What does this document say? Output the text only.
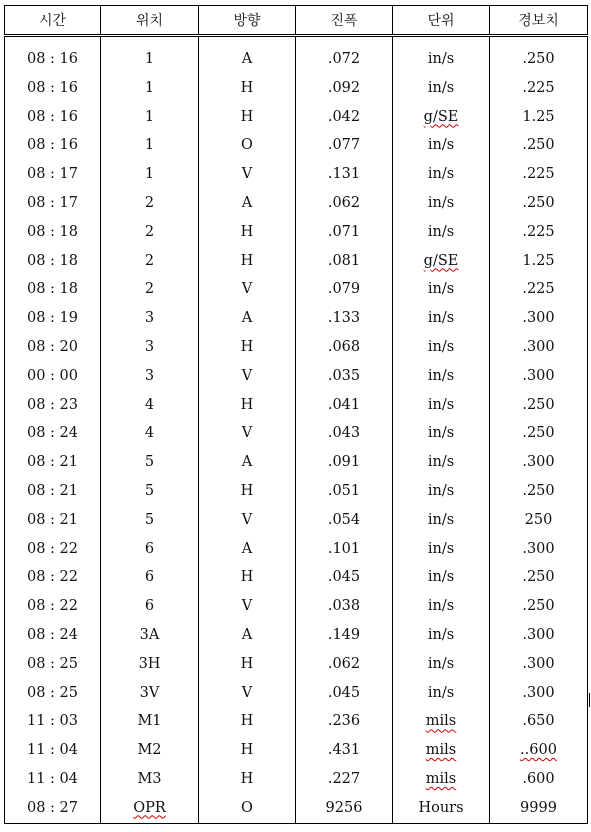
시간	위치	방향	진폭	단위	경보치
08 : 16	1	A	.072	in/s	.250
08 : 16	1	H	.092	in/s	.225
08 : 16	1	H	.042	g/SE	1.25
08 : 16	1	O	.077	in/s	.250
08 : 17	1	V	.131	in/s	.225
08 : 17	2	A	.062	in/s	.250
08 : 18	2	H	.071	in/s	.225
08 : 18	2	H	.081	g/SE	1.25
08 : 18	2	V	.079	in/s	.225
08 : 19	3	A	.133	in/s	.300
08 : 20	3	H	.068	in/s	.300
00 : 00	3	V	.035	in/s	.300
08 : 23	4	H	.041	in/s	.250
08 : 24	4	V	.043	in/s	.250
08 : 21	5	A	.091	in/s	.300
08 : 21	5	H	.051	in/s	.250
08 : 21	5	V	.054	in/s	250
08 : 22	6	A	.101	in/s	.300
08 : 22	6	H	.045	in/s	.250
08 : 22	6	V	.038	in/s	.250
08 : 24	3A	A	.149	in/s	.300
08 : 25	3H	H	.062	in/s	.300
08 : 25	3V	V	.045	in/s	.300
11 : 03	M1	H	.236	mils	.650
11 : 04	M2	H	.431	mils	..600
11 : 04	M3	H	.227	mils	.600
08 : 27	OPR	O	9256	Hours	9999
